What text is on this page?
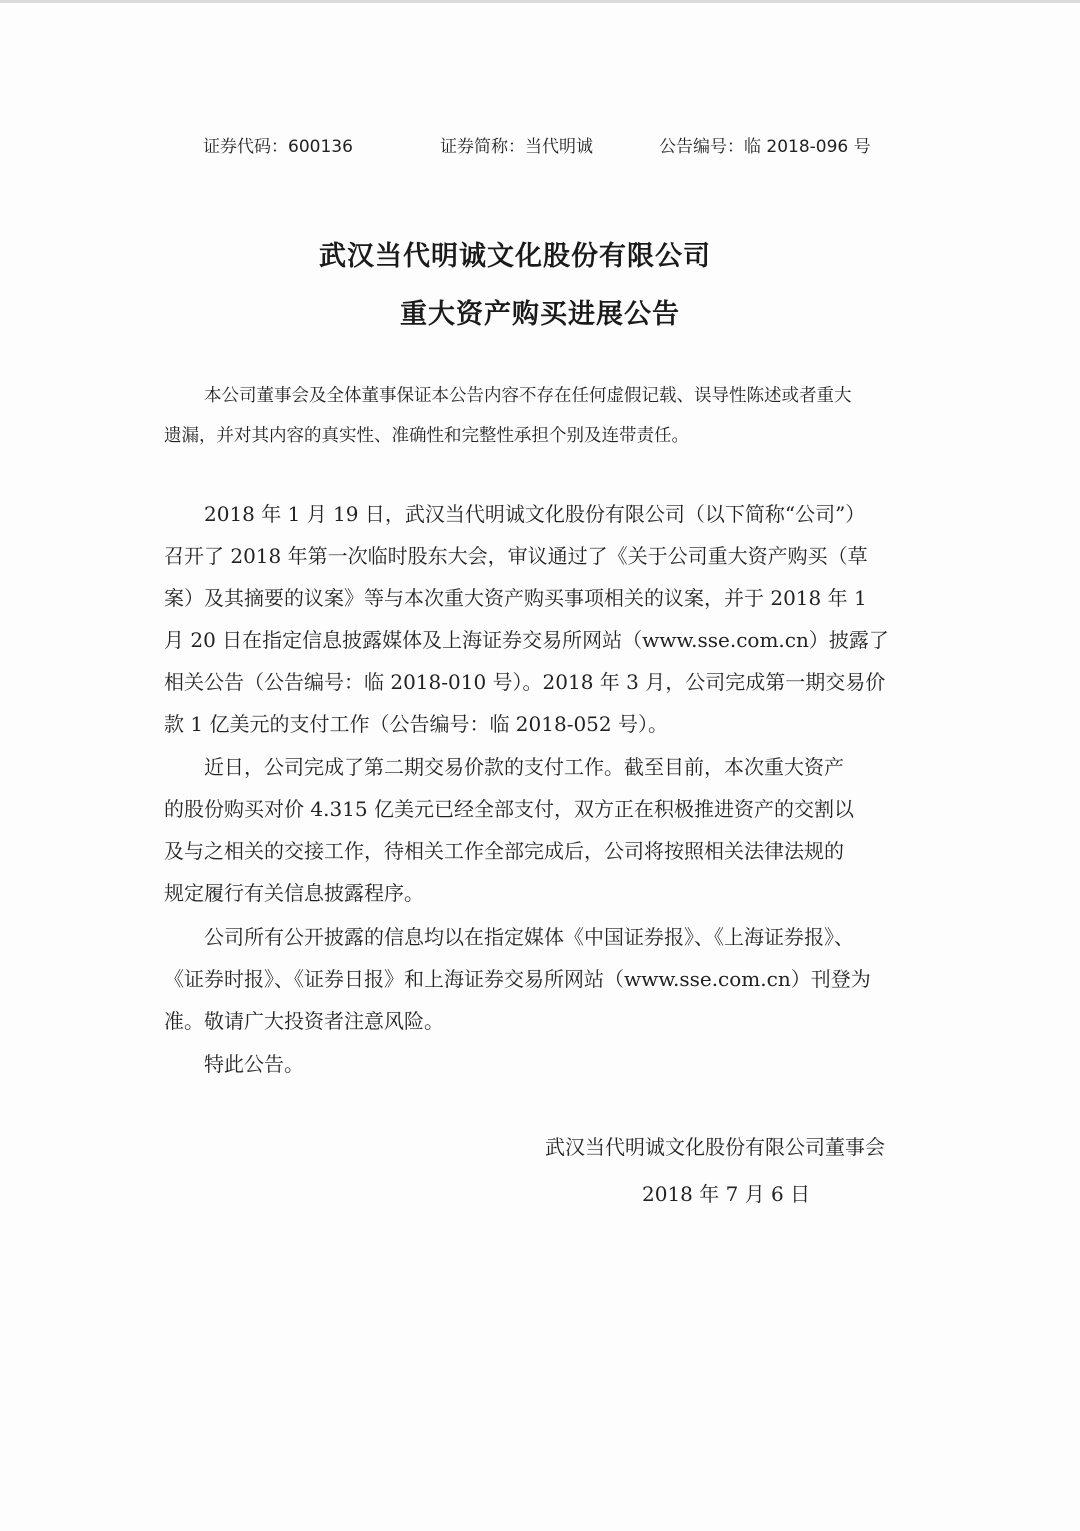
证券代码：600136	证券简称：当代明诚	公告编号：临 2018-096 号
武汉当代明诚文化股份有限公司
重大资产购买进展公告
本公司董事会及全体董事保证本公告内容不存在任何虚假记载、误导性陈述或者重大
遗漏，并对其内容的真实性、准确性和完整性承担个别及连带责任。
2018 年 1 月 19 日，武汉当代明诚文化股份有限公司（以下简称“公司”）
召开了 2018 年第一次临时股东大会，审议通过了《关于公司重大资产购买（草
案）及其摘要的议案》等与本次重大资产购买事项相关的议案，并于 2018 年 1
月 20 日在指定信息披露媒体及上海证券交易所网站（www.sse.com.cn）披露了
相关公告（公告编号：临 2018-010 号）。2018 年 3 月，公司完成第一期交易价
款 1 亿美元的支付工作（公告编号：临 2018-052 号）。
近日，公司完成了第二期交易价款的支付工作。截至目前，本次重大资产
的股份购买对价 4.315 亿美元已经全部支付，双方正在积极推进资产的交割以
及与之相关的交接工作，待相关工作全部完成后，公司将按照相关法律法规的
规定履行有关信息披露程序。
公司所有公开披露的信息均以在指定媒体《中国证券报》、《上海证券报》、
《证券时报》、《证券日报》和上海证券交易所网站（www.sse.com.cn）刊登为
准。敬请广大投资者注意风险。
特此公告。
武汉当代明诚文化股份有限公司董事会
2018 年 7 月 6 日
